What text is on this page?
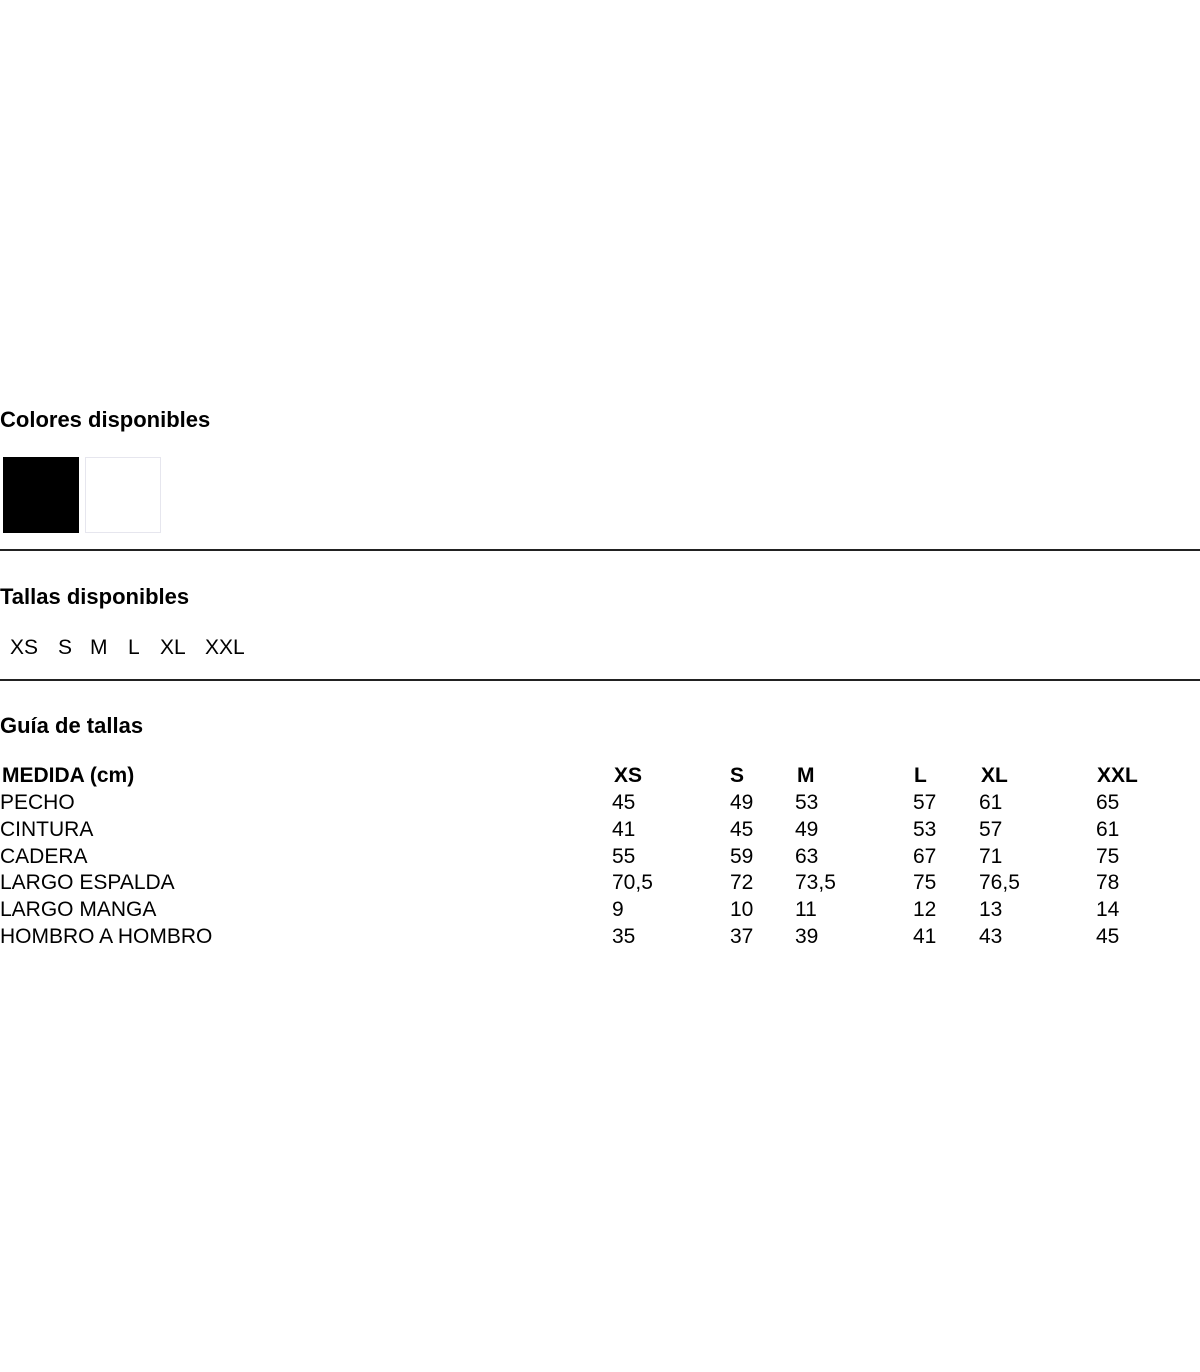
Colores disponibles
Tallas disponibles
XS S M L XL XXL
Guía de tallas
MEDIDA (cm)	XS	S	M	L	XL	XXL
PECHO	45	49 53	57 61	65
CINTURA	41	45 49	53 57	61
CADERA	55	59 63	67 71	75
LARGO ESPALDA	70,5	72 73,5	75 76,5	78
LARGO MANGA	9	10 11	12 13	14
HOMBRO A HOMBRO	35	37 39	41 43	45
